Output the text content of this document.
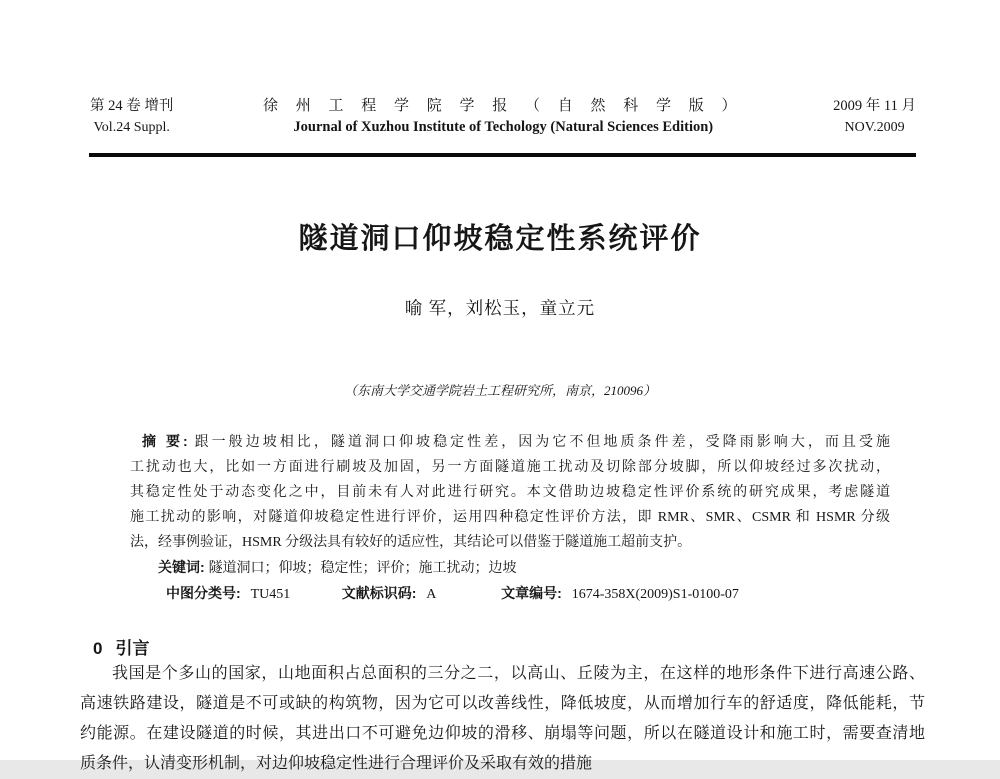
第 24 卷 增刊
Vol.24 Suppl.
徐 州 工 程 学 院 学 报 （ 自 然 科 学 版 ）
Journal of Xuzhou Institute of Techology (Natural Sciences Edition)
2009 年 11 月
NOV.2009
隧道洞口仰坡稳定性系统评价
喻 军，刘松玉，童立元
（东南大学交通学院岩土工程研究所，南京，210096）
摘 要: 跟一般边坡相比，隧道洞口仰坡稳定性差，因为它不但地质条件差，受降雨影响大，而且受施
工扰动也大，比如一方面进行刷坡及加固，另一方面隧道施工扰动及切除部分坡脚，所以仰坡经过多次扰动，
其稳定性处于动态变化之中，目前未有人对此进行研究。本文借助边坡稳定性评价系统的研究成果，考虑隧道
施工扰动的影响，对隧道仰坡稳定性进行评价，运用四种稳定性评价方法，即 RMR、SMR、CSMR 和 HSMR 分级
法，经事例验证，HSMR 分级法具有较好的适应性，其结论可以借鉴于隧道施工超前支护。
关键词: 隧道洞口；仰坡；稳定性；评价；施工扰动；边坡
中图分类号: TU451	文献标识码: A	文章编号: 1674-358X(2009)S1-0100-07
0 引言
我国是个多山的国家，山地面积占总面积的三分之二，以高山、丘陵为主，在这样的地形条件下进行高速公路、
高速铁路建设，隧道是不可或缺的构筑物，因为它可以改善线性，降低坡度，从而增加行车的舒适度，降低能耗，节
约能源。在建设隧道的时候，其进出口不可避免边仰坡的滑移、崩塌等问题，所以在隧道设计和施工时，需要查清地
质条件，认清变形机制，对边仰坡稳定性进行合理评价及采取有效的措施
